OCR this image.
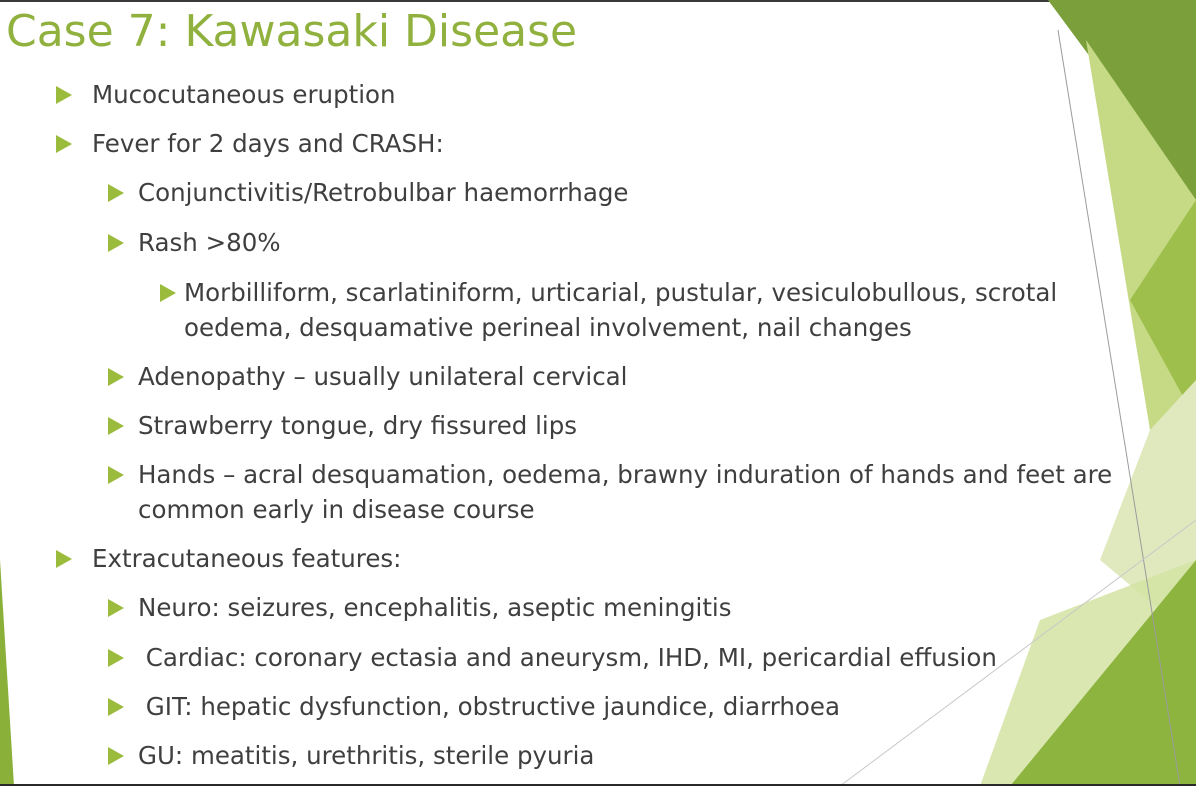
Case 7: Kawasaki Disease
Mucocutaneous eruption
Fever for 2 days and CRASH:
Conjunctivitis/Retrobulbar haemorrhage
Rash >80%
Morbilliform, scarlatiniform, urticarial, pustular, vesiculobullous, scrotal oedema, desquamative perineal involvement, nail changes
Adenopathy – usually unilateral cervical
Strawberry tongue, dry fissured lips
Hands – acral desquamation, oedema, brawny induration of hands and feet are common early in disease course
Extracutaneous features:
Neuro: seizures, encephalitis, aseptic meningitis
Cardiac: coronary ectasia and aneurysm, IHD, MI, pericardial effusion
GIT: hepatic dysfunction, obstructive jaundice, diarrhoea
GU: meatitis, urethritis, sterile pyuria
